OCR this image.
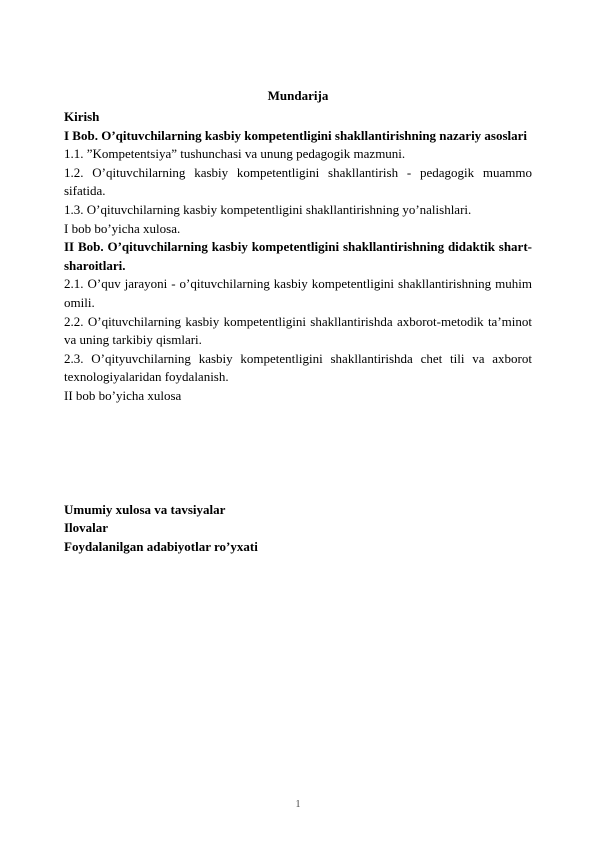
Mundarija

Kirish

I Bob. O’qituvchilarning kasbiy kompetentligini shakllantirishning nazariy asoslari

1.1. ”Kompetentsiya” tushunchasi va unung pedagogik mazmuni.

1.2. O’qituvchilarning kasbiy kompetentligini shakllantirish - pedagogik muammo sifatida.

1.3. O’qituvchilarning kasbiy kompetentligini shakllantirishning yo’nalishlari.

I bob bo’yicha xulosa.

II Bob. O’qituvchilarning kasbiy kompetentligini shakllantirishning didaktik shart-sharoitlari.

2.1. O’quv jarayoni - o’qituvchilarning kasbiy kompetentligini shakllantirishning muhim omili.

2.2. O’qituvchilarning kasbiy kompetentligini shakllantirishda axborot-metodik ta’minot va uning tarkibiy qismlari.

2.3. O’qityuvchilarning kasbiy kompetentligini shakllantirishda chet tili va axborot texnologiyalaridan foydalanish.

II bob bo’yicha xulosa

Umumiy xulosa va tavsiyalar

Ilovalar

Foydalanilgan adabiyotlar ro’yxati

1
